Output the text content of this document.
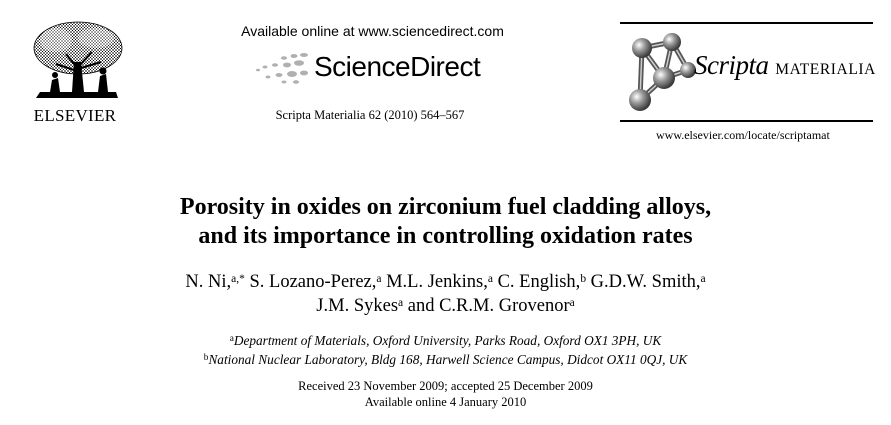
ELSEVIER
Available online at www.sciencedirect.com
ScienceDirect
Scripta Materialia 62 (2010) 564–567
Scripta MATERIALIA
www.elsevier.com/locate/scriptamat
Porosity in oxides on zirconium fuel cladding alloys,
and its importance in controlling oxidation rates
N. Ni,$^{a,*}$ S. Lozano-Perez,$^a$ M.L. Jenkins,$^a$ C. English,$^b$ G.D.W. Smith,$^a$
J.M. Sykes$^a$ and C.R.M. Grovenor$^a$
$^a$Department of Materials, Oxford University, Parks Road, Oxford OX1 3PH, UK
$^b$National Nuclear Laboratory, Bldg 168, Harwell Science Campus, Didcot OX11 0QJ, UK
Received 23 November 2009; accepted 25 December 2009
Available online 4 January 2010
